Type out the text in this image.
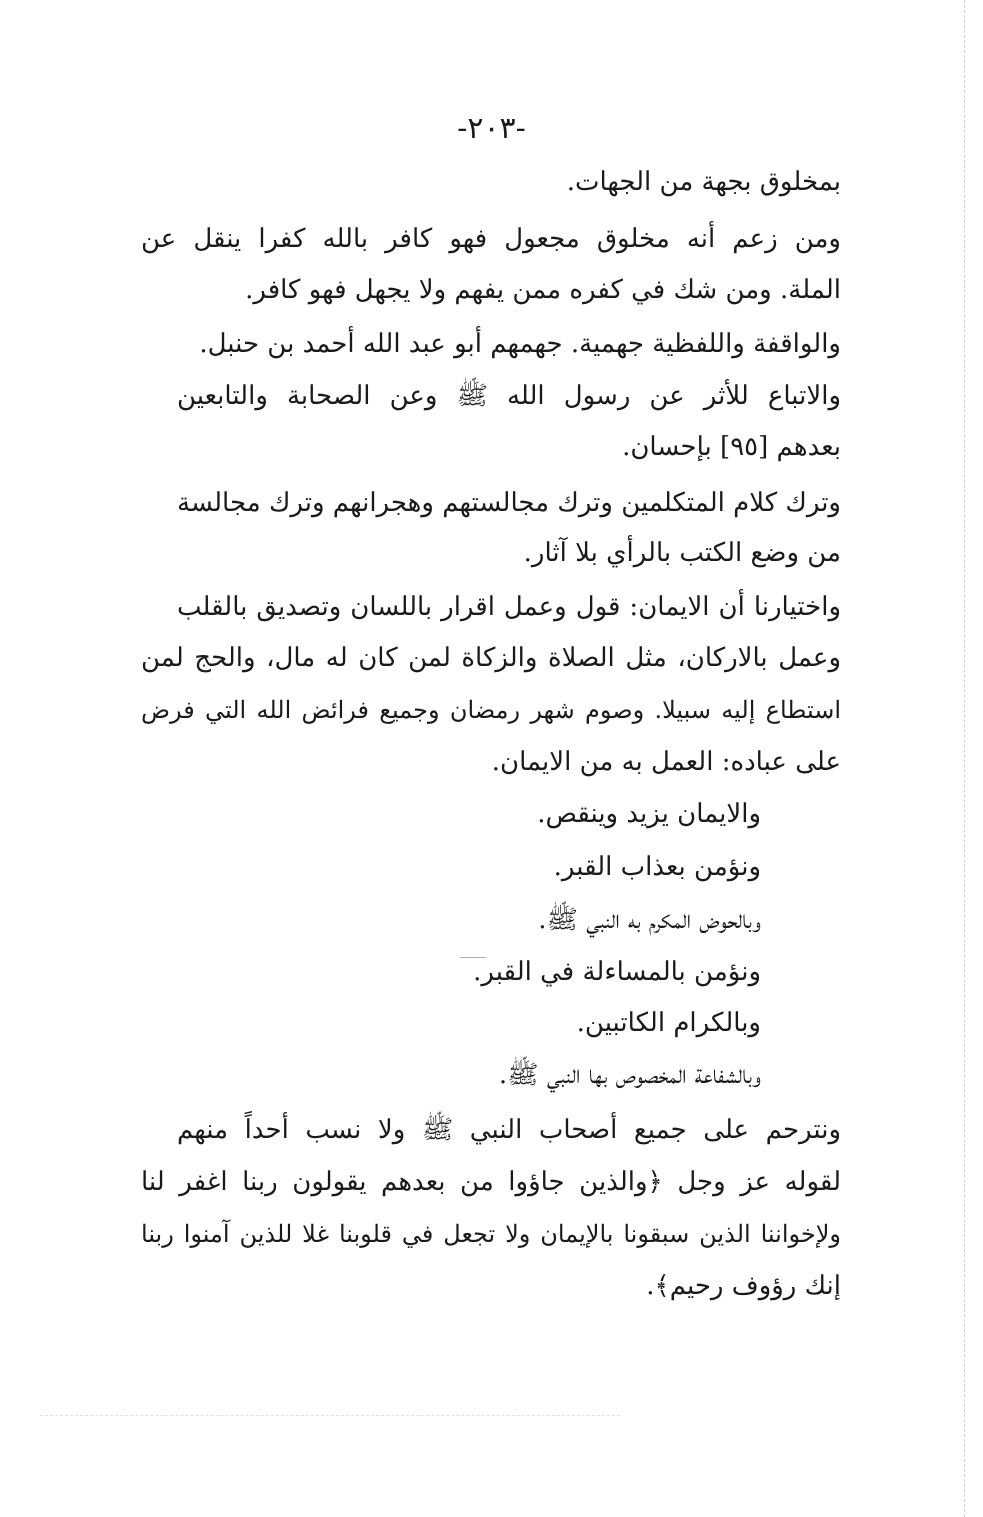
-٢٠٣-
بمخلوق بجهة من الجهات.
ومن زعم أنه مخلوق مجعول فهو كافر بالله كفرا ينقل عن
الملة. ومن شك في كفره ممن يفهم ولا يجهل فهو كافر.
والواقفة واللفظية جهمية. جهمهم أبو عبد الله أحمد بن حنبل.
والاتباع للأثر عن رسول الله ﷺ وعن الصحابة والتابعين
بعدهم [٩٥] بإحسان.
وترك كلام المتكلمين وترك مجالستهم وهجرانهم وترك مجالسة
من وضع الكتب بالرأي بلا آثار.
واختيارنا أن الايمان: قول وعمل اقرار باللسان وتصديق بالقلب
وعمل بالاركان، مثل الصلاة والزكاة لمن كان له مال، والحج لمن
استطاع إليه سبيلا. وصوم شهر رمضان وجميع فرائض الله التي فرض
على عباده: العمل به من الايمان.
والايمان يزيد وينقص.
ونؤمن بعذاب القبر.
وبالحوض المكرم به النبي ﷺ.
ونؤمن بالمساءلة في القبر.
وبالكرام الكاتبين.
وبالشفاعة المخصوص بها النبي ﷺ.
ونترحم على جميع أصحاب النبي ﷺ ولا نسب أحداً منهم
لقوله عز وجل ﴿والذين جاؤوا من بعدهم يقولون ربنا اغفر لنا
ولإخواننا الذين سبقونا بالإيمان ولا تجعل في قلوبنا غلا للذين آمنوا ربنا
إنك رؤوف رحيم﴾.
